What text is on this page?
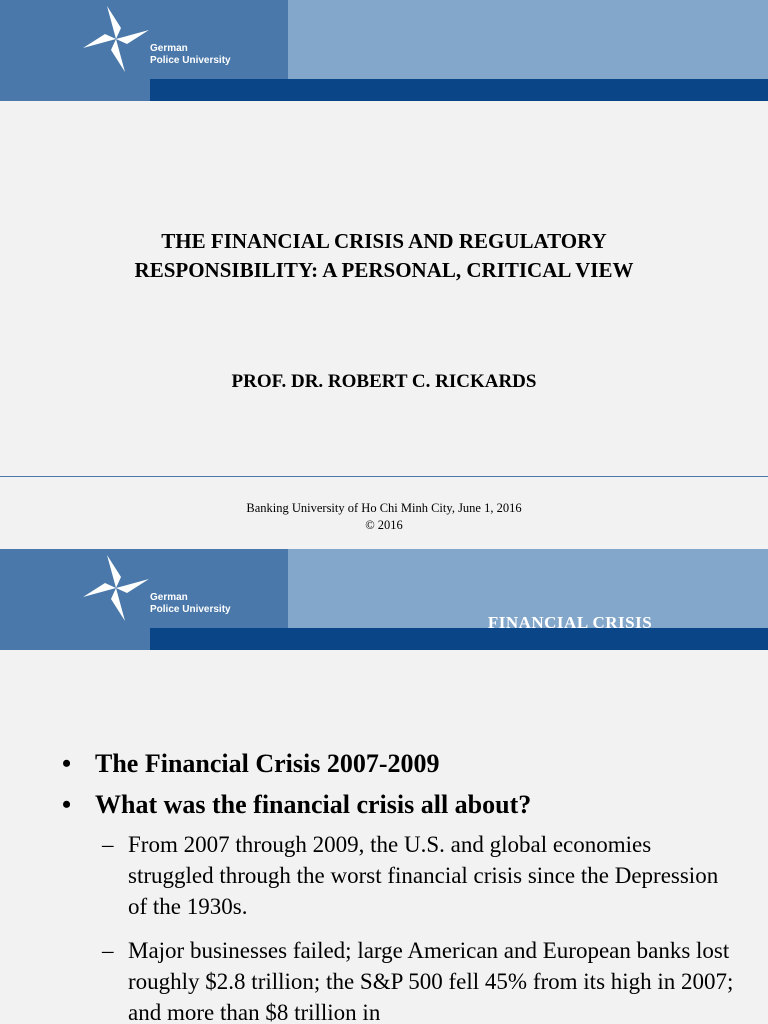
German
Police University
THE FINANCIAL CRISIS AND REGULATORY
RESPONSIBILITY: A PERSONAL, CRITICAL VIEW
PROF. DR. ROBERT C. RICKARDS
Banking University of Ho Chi Minh City, June 1, 2016
© 2016
German
Police University
FINANCIAL CRISIS
• The Financial Crisis 2007-2009
• What was the financial crisis all about?
– From 2007 through 2009, the U.S. and global economies struggled through the worst financial crisis since the Depression of the 1930s.
– Major businesses failed; large American and European banks lost roughly $2.8 trillion; the S&P 500 fell 45% from its high in 2007; and more than $8 trillion in
